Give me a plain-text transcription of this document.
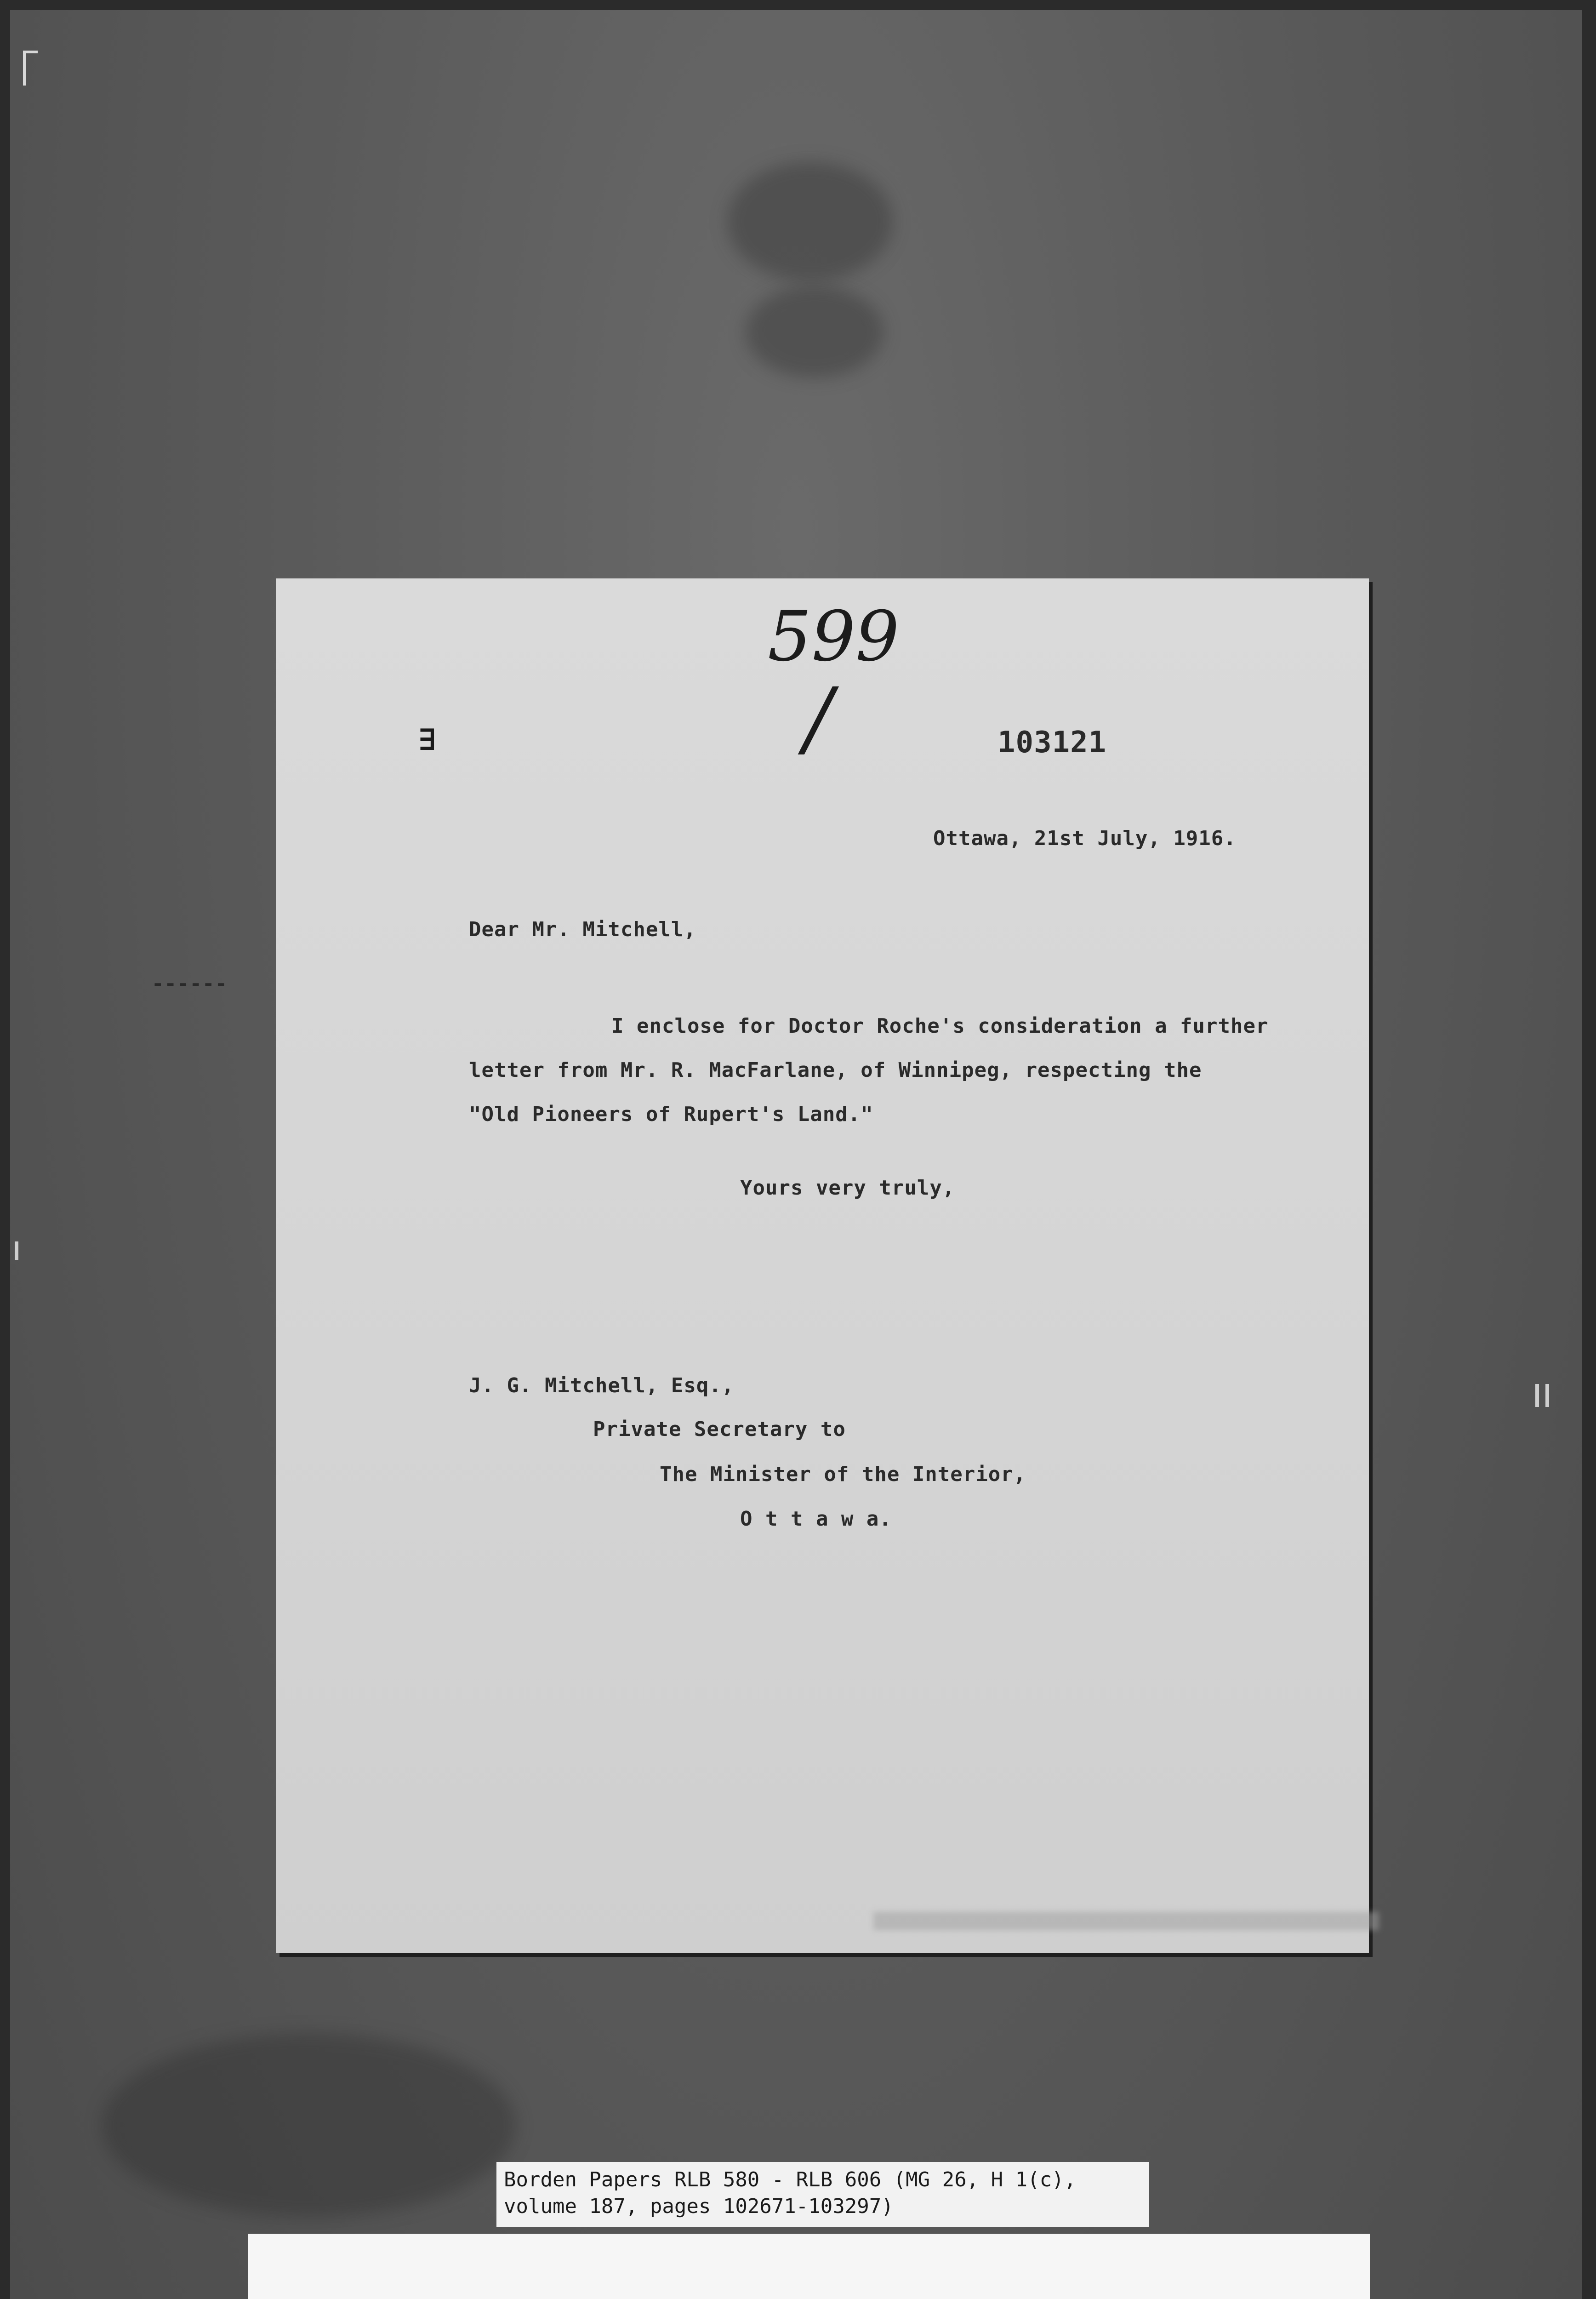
599
/
∃	103121
Ottawa, 21st July, 1916.
Dear Mr. Mitchell,
------
I enclose for Doctor Roche's consideration a further
letter from Mr. R. MacFarlane, of Winnipeg, respecting the
"Old Pioneers of Rupert's Land."
Yours very truly,
J. G. Mitchell, Esq.,
Private Secretary to
The Minister of the Interior,
O t t a w a.
Borden Papers RLB 580 - RLB 606 (MG 26, H 1(c),
volume 187, pages 102671-103297)
